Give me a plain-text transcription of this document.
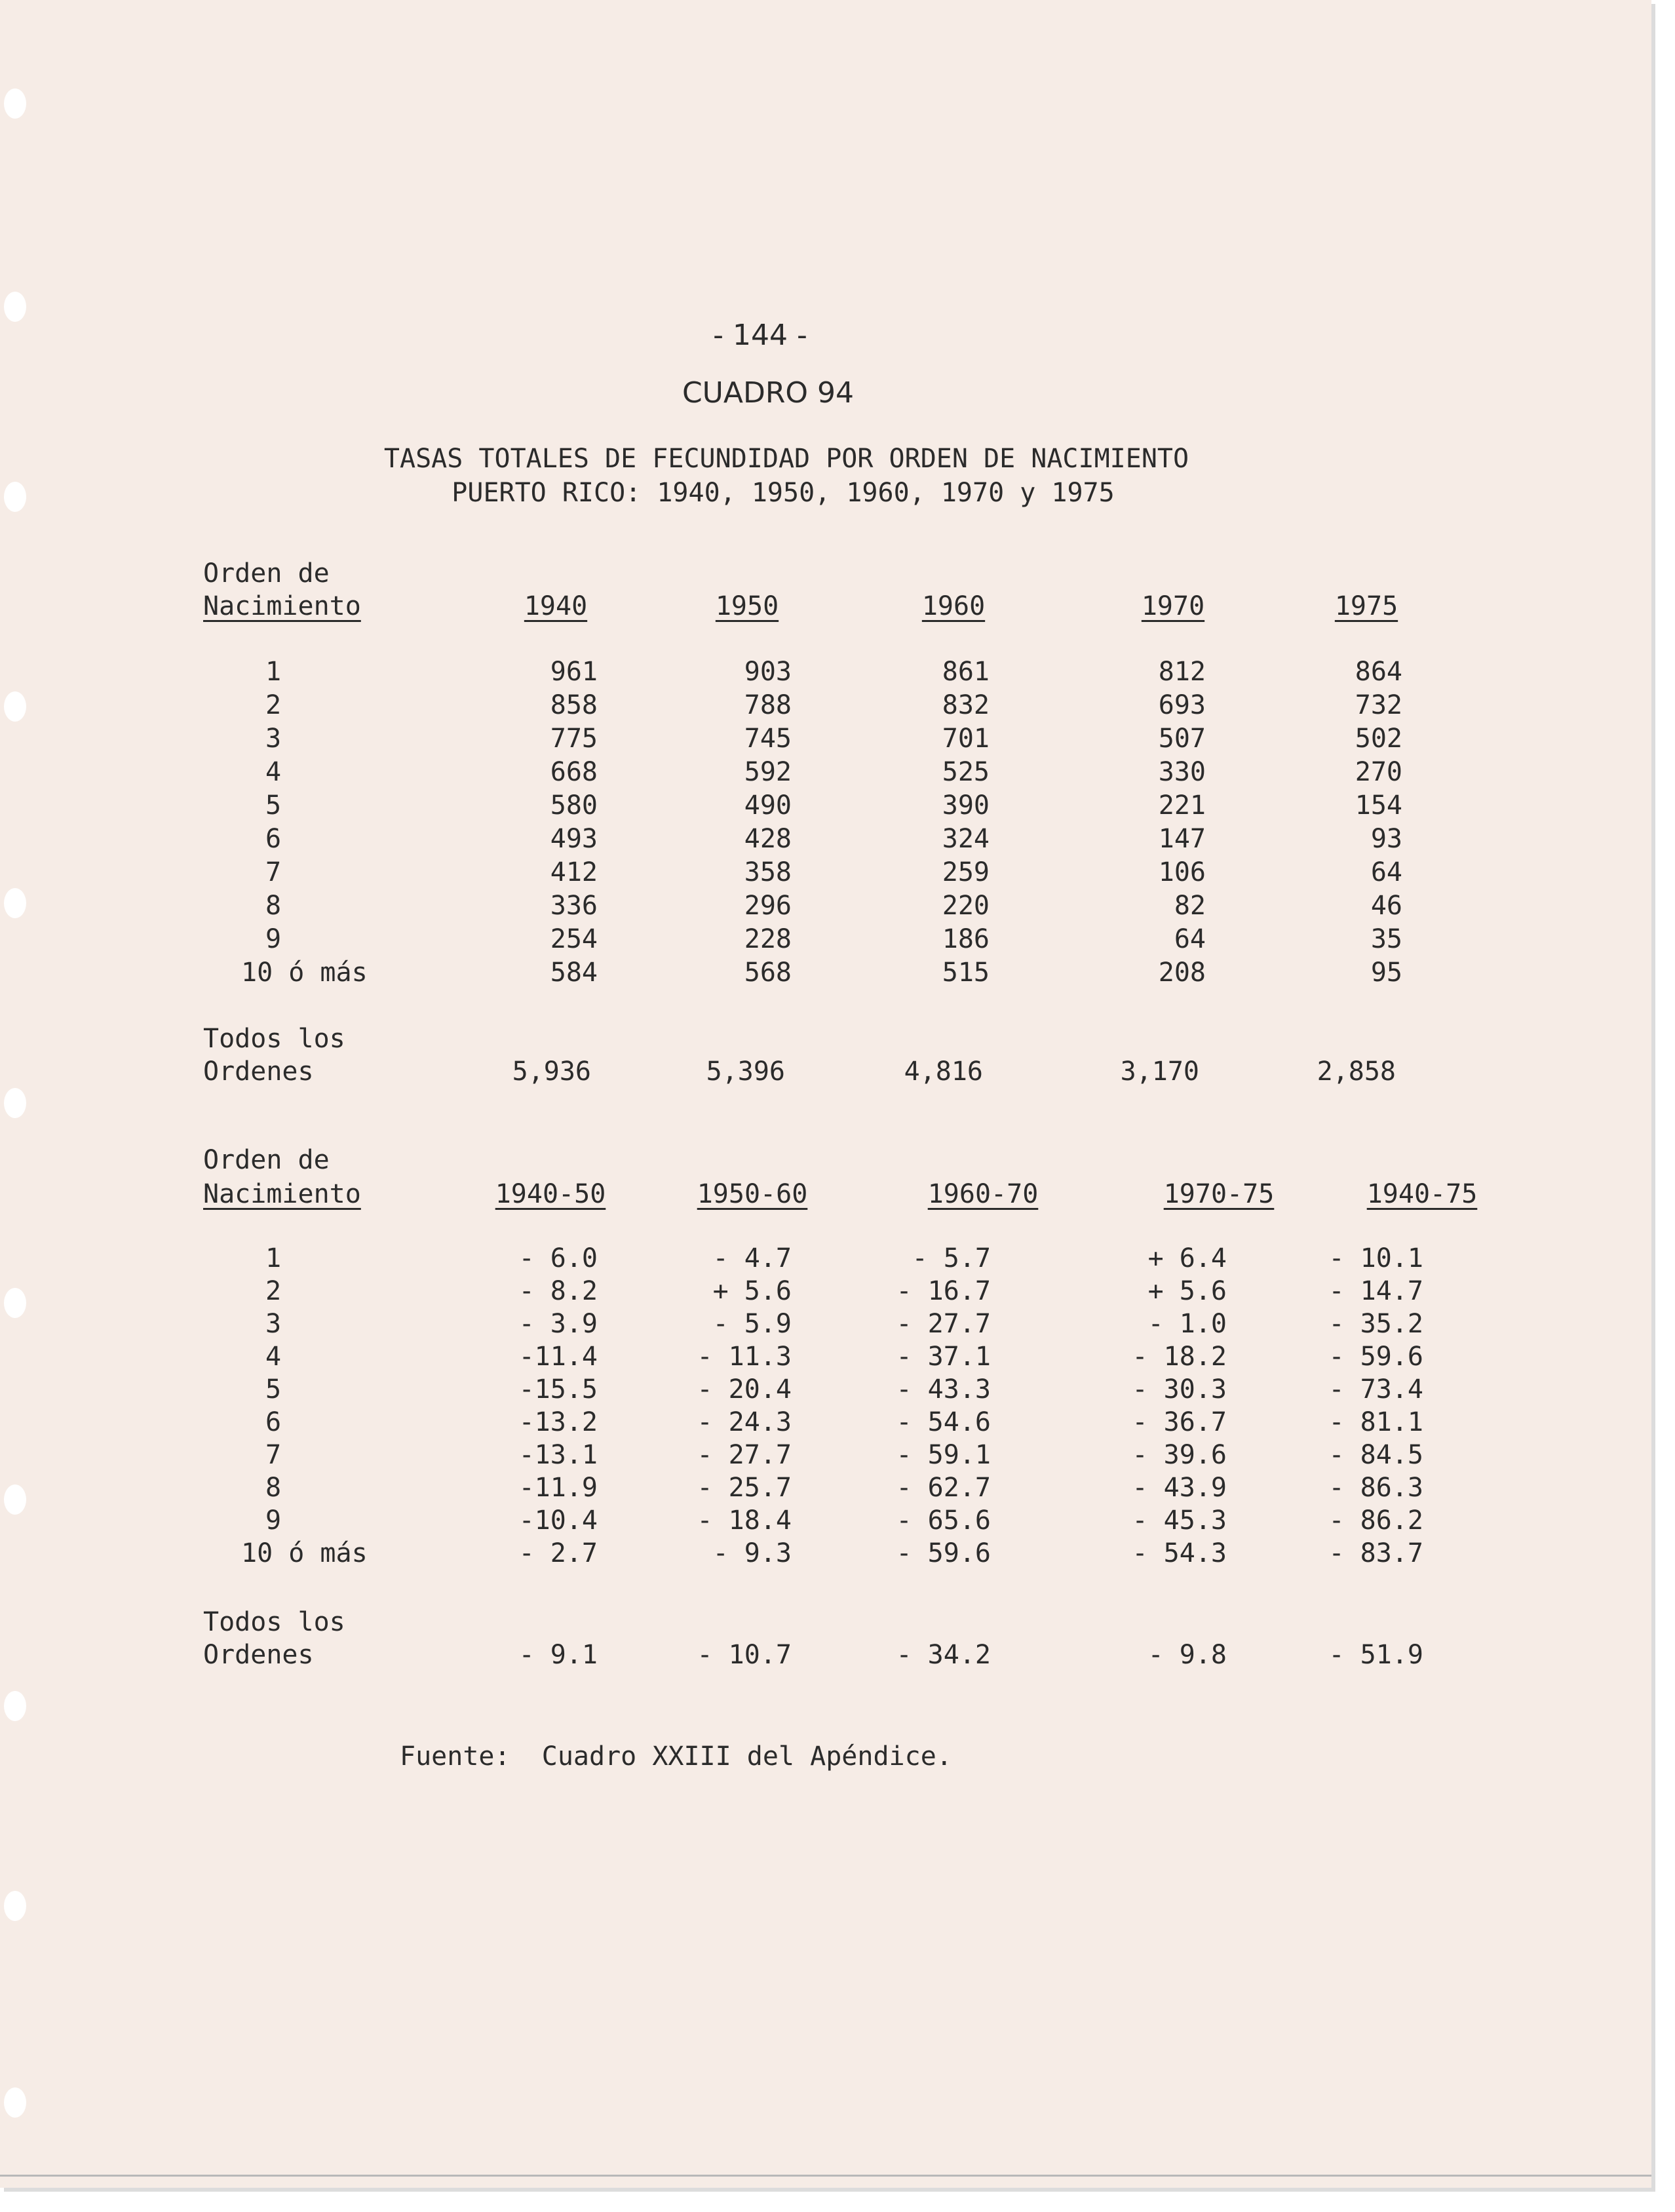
- 144 -
CUADRO 94
TASAS TOTALES DE FECUNDIDAD POR ORDEN DE NACIMIENTO
PUERTO RICO: 1940, 1950, 1960, 1970 y 1975
Orden de
Nacimiento	1940	1950	1960	1970	1975
1	961	903	861	812	864
2	858	788	832	693	732
3	775	745	701	507	502
4	668	592	525	330	270
5	580	490	390	221	154
6	493	428	324	147	93
7	412	358	259	106	64
8	336	296	220	82	46
9	254	228	186	64	35
10 ó más	584	568	515	208	95
Todos los
Ordenes	5,936	5,396	4,816	3,170	2,858
Orden de
Nacimiento	1940-50	1950-60	1960-70	1970-75	1940-75
1	- 6.0	- 4.7	- 5.7	+ 6.4	- 10.1
2	- 8.2	+ 5.6	- 16.7	+ 5.6	- 14.7
3	- 3.9	- 5.9	- 27.7	- 1.0	- 35.2
4	-11.4	- 11.3	- 37.1	- 18.2	- 59.6
5	-15.5	- 20.4	- 43.3	- 30.3	- 73.4
6	-13.2	- 24.3	- 54.6	- 36.7	- 81.1
7	-13.1	- 27.7	- 59.1	- 39.6	- 84.5
8	-11.9	- 25.7	- 62.7	- 43.9	- 86.3
9	-10.4	- 18.4	- 65.6	- 45.3	- 86.2
10 ó más	- 2.7	- 9.3	- 59.6	- 54.3	- 83.7
Todos los
Ordenes	- 9.1	- 10.7	- 34.2	- 9.8	- 51.9
Fuente:  Cuadro XXIII del Apéndice.
